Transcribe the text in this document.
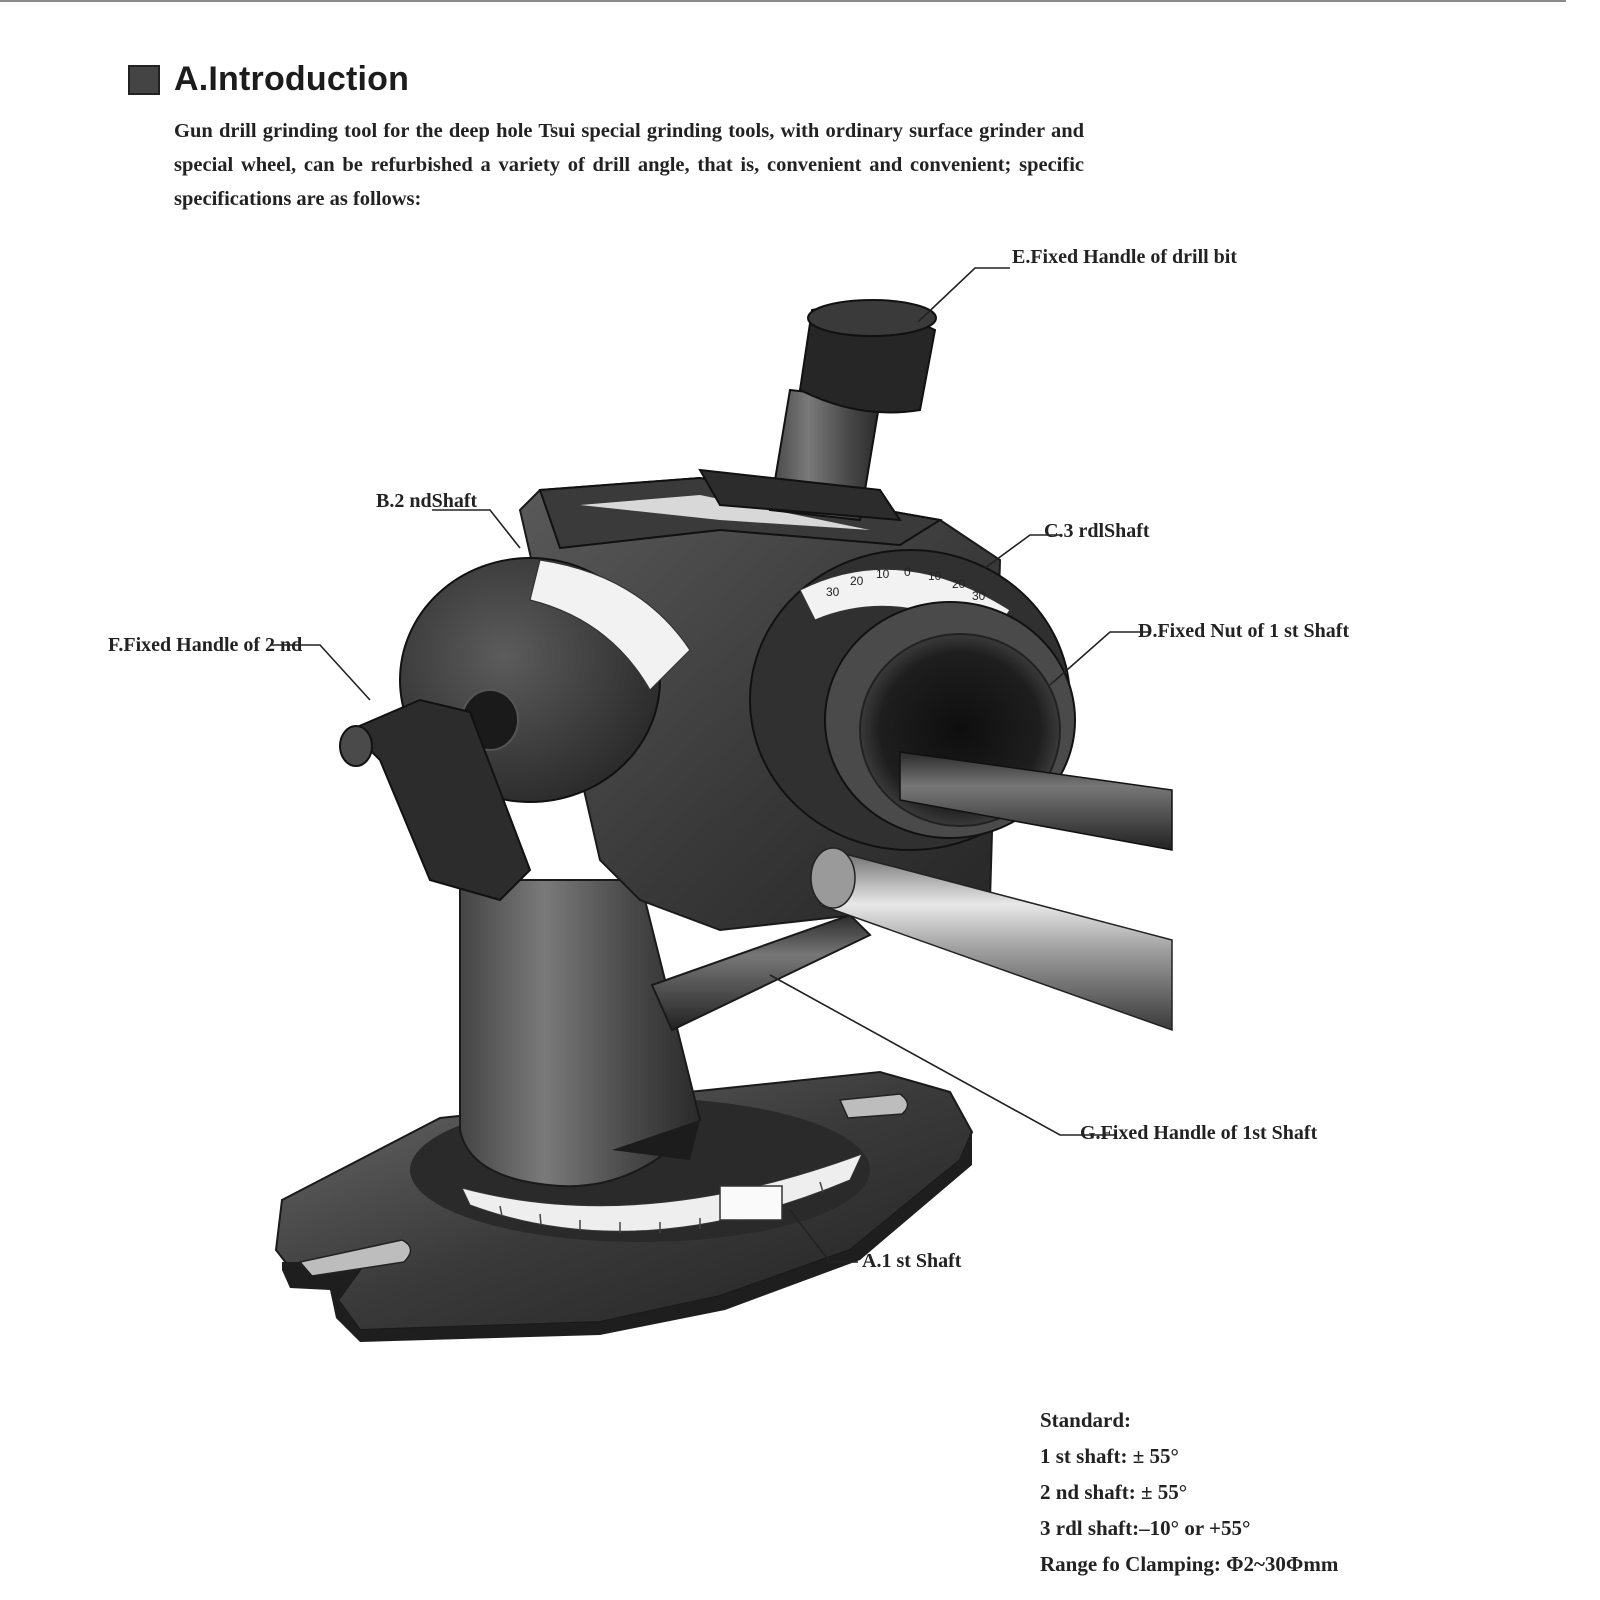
A.Introduction
Gun drill grinding tool for the deep hole Tsui special grinding tools, with ordinary surface grinder and special wheel, can be refurbished a variety of drill angle, that is, convenient and convenient; specific specifications are as follows:
30
20 10 0 10
20
30
E.Fixed Handle of drill bit
B.2 ndShaft
C.3 rdlShaft
F.Fixed Handle of 2 nd
D.Fixed Nut of 1 st Shaft
G.Fixed Handle of 1st Shaft
A.1 st Shaft
Standard:
1 st shaft: ± 55°
2 nd shaft: ± 55°
3 rdl shaft:–10° or +55°
Range fo Clamping: Φ2~30Φmm
